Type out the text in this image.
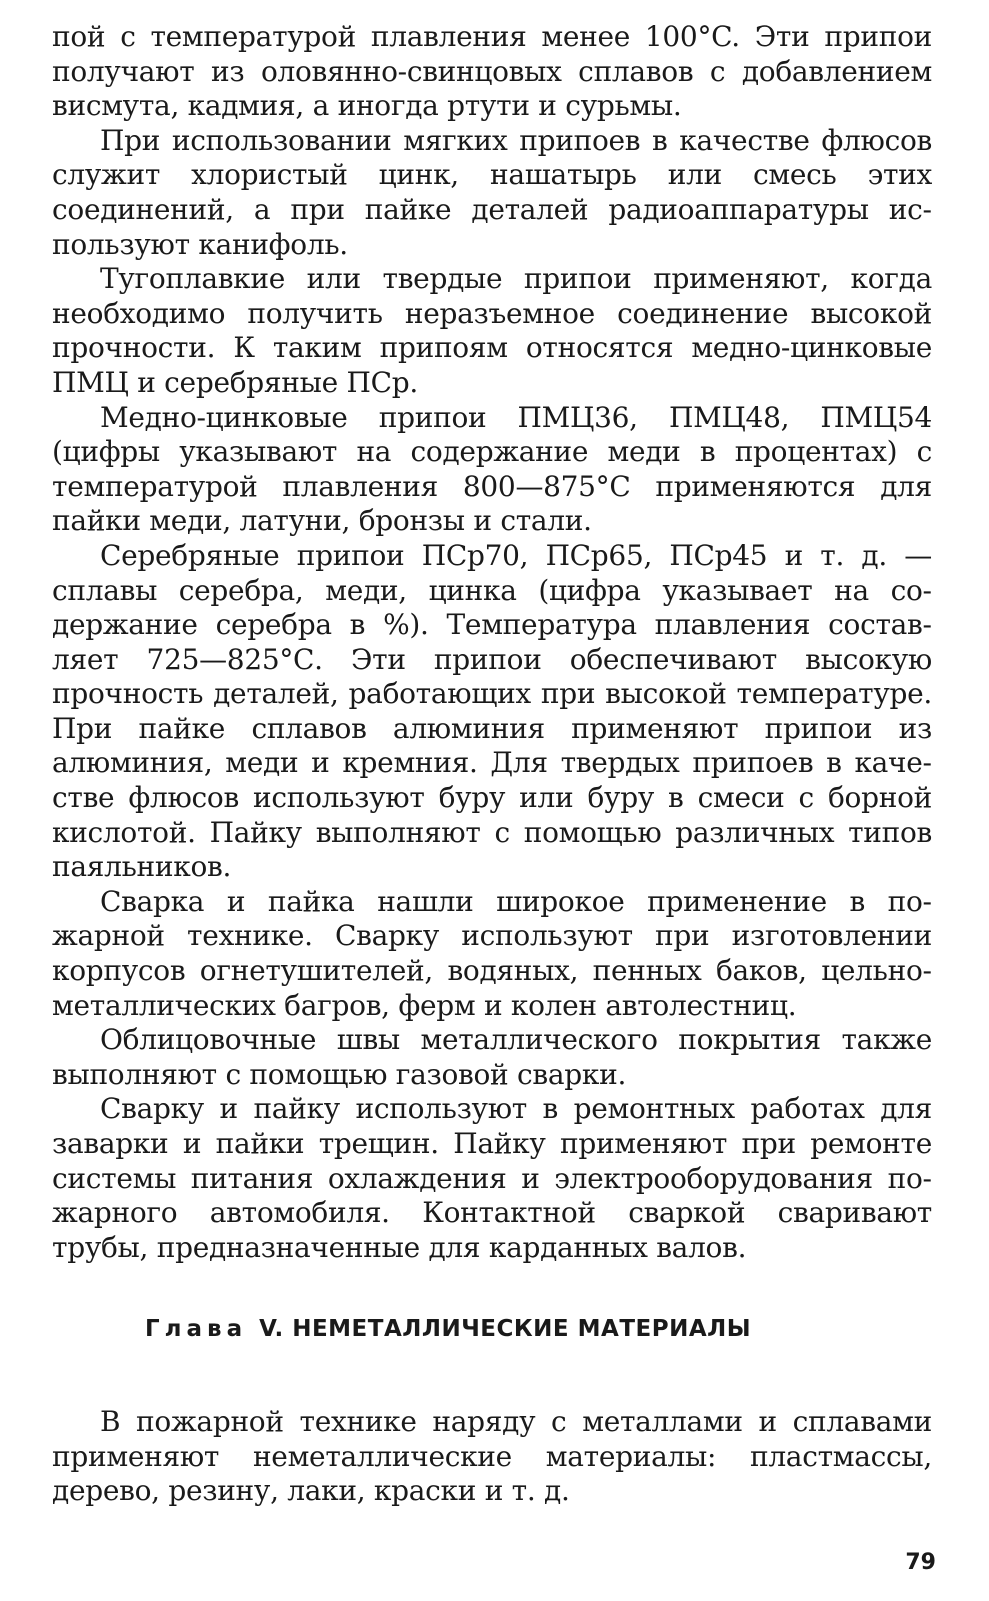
пой с температурой плавления менее 100°C. Эти припои получают из оловянно-свинцовых сплавов с добавлением висмута, кадмия, а иногда ртути и сурьмы.

При использовании мягких припоев в качестве флюсов служит хлористый цинк, нашатырь или смесь этих соединений, а при пайке деталей радиоаппаратуры используют канифоль.

Тугоплавкие или твердые припои применяют, когда необходимо получить неразъемное соединение высокой прочности. К таким припоям относятся медно-цинковые ПМЦ и серебряные ПСр.

Медно-цинковые припои ПМЦ36, ПМЦ48, ПМЦ54 (цифры указывают на содержание меди в процентах) с температурой плавления 800—875°С применяются для пайки меди, латуни, бронзы и стали.

Серебряные припои ПСр70, ПСр65, ПСр45 и т. д. — сплавы серебра, меди, цинка (цифра указывает на содержание серебра в %). Температура плавления составляет 725—825°С. Эти припои обеспечивают высокую прочность деталей, работающих при высокой температуре. При пайке сплавов алюминия применяют припои из алюминия, меди и кремния. Для твердых припоев в качестве флюсов используют буру или буру в смеси с борной кислотой. Пайку выполняют с помощью различных типов паяльников.

Сварка и пайка нашли широкое применение в пожарной технике. Сварку используют при изготовлении корпусов огнетушителей, водяных, пенных баков, цельнометаллических багров, ферм и колен автолестниц.

Облицовочные швы металлического покрытия также выполняют с помощью газовой сварки.

Сварку и пайку используют в ремонтных работах для заварки и пайки трещин. Пайку применяют при ремонте системы питания охлаждения и электрооборудования пожарного автомобиля. Контактной сваркой сваривают трубы, предназначенные для карданных валов.

Глава V. НЕМЕТАЛЛИЧЕСКИЕ МАТЕРИАЛЫ

В пожарной технике наряду с металлами и сплавами применяют неметаллические материалы: пластмассы, дерево, резину, лаки, краски и т. д.

79
